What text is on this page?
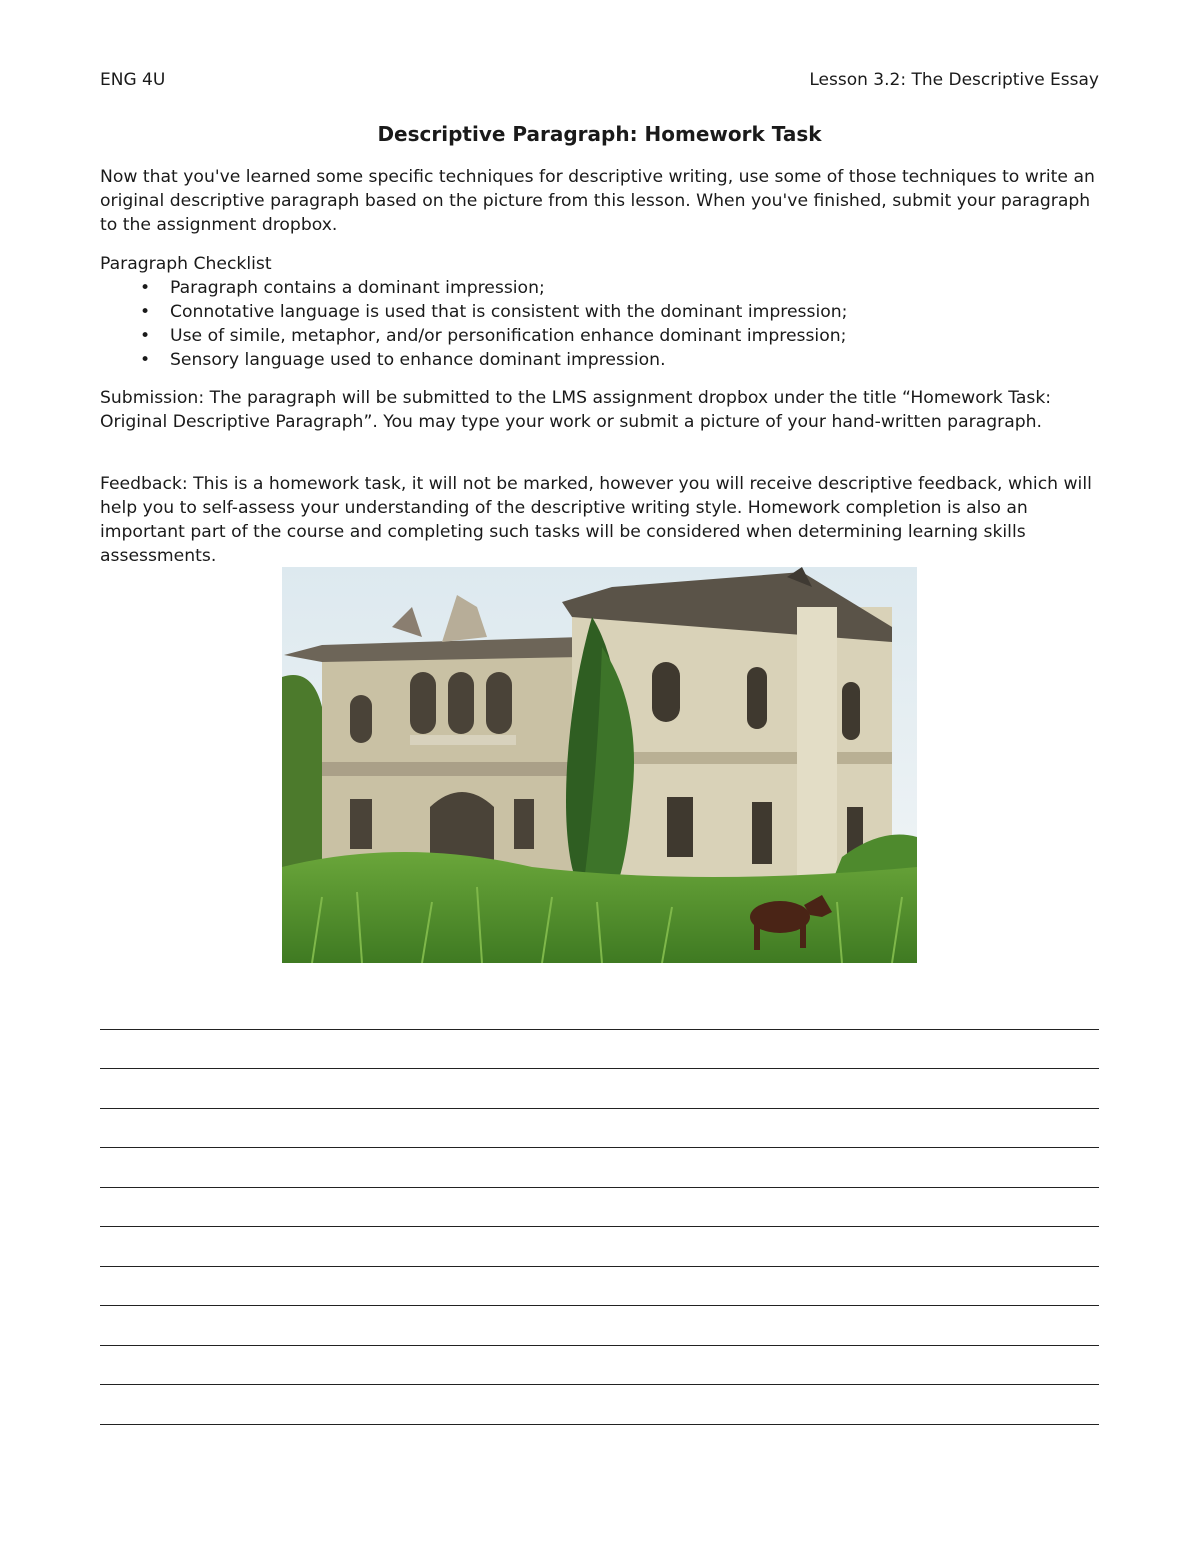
ENG 4U	Lesson 3.2: The Descriptive Essay
Descriptive Paragraph: Homework Task

Now that you've learned some specific techniques for descriptive writing, use some of those techniques to write an original descriptive paragraph based on the picture from this lesson. When you've finished, submit your paragraph to the assignment dropbox.

Paragraph Checklist
• Paragraph contains a dominant impression;
• Connotative language is used that is consistent with the dominant impression;
• Use of simile, metaphor, and/or personification enhance dominant impression;
• Sensory language used to enhance dominant impression.

Submission: The paragraph will be submitted to the LMS assignment dropbox under the title “Homework Task: Original Descriptive Paragraph”. You may type your work or submit a picture of your hand-written paragraph.

Feedback: This is a homework task, it will not be marked, however you will receive descriptive feedback, which will help you to self-assess your understanding of the descriptive writing style. Homework completion is also an important part of the course and completing such tasks will be considered when determining learning skills assessments.
